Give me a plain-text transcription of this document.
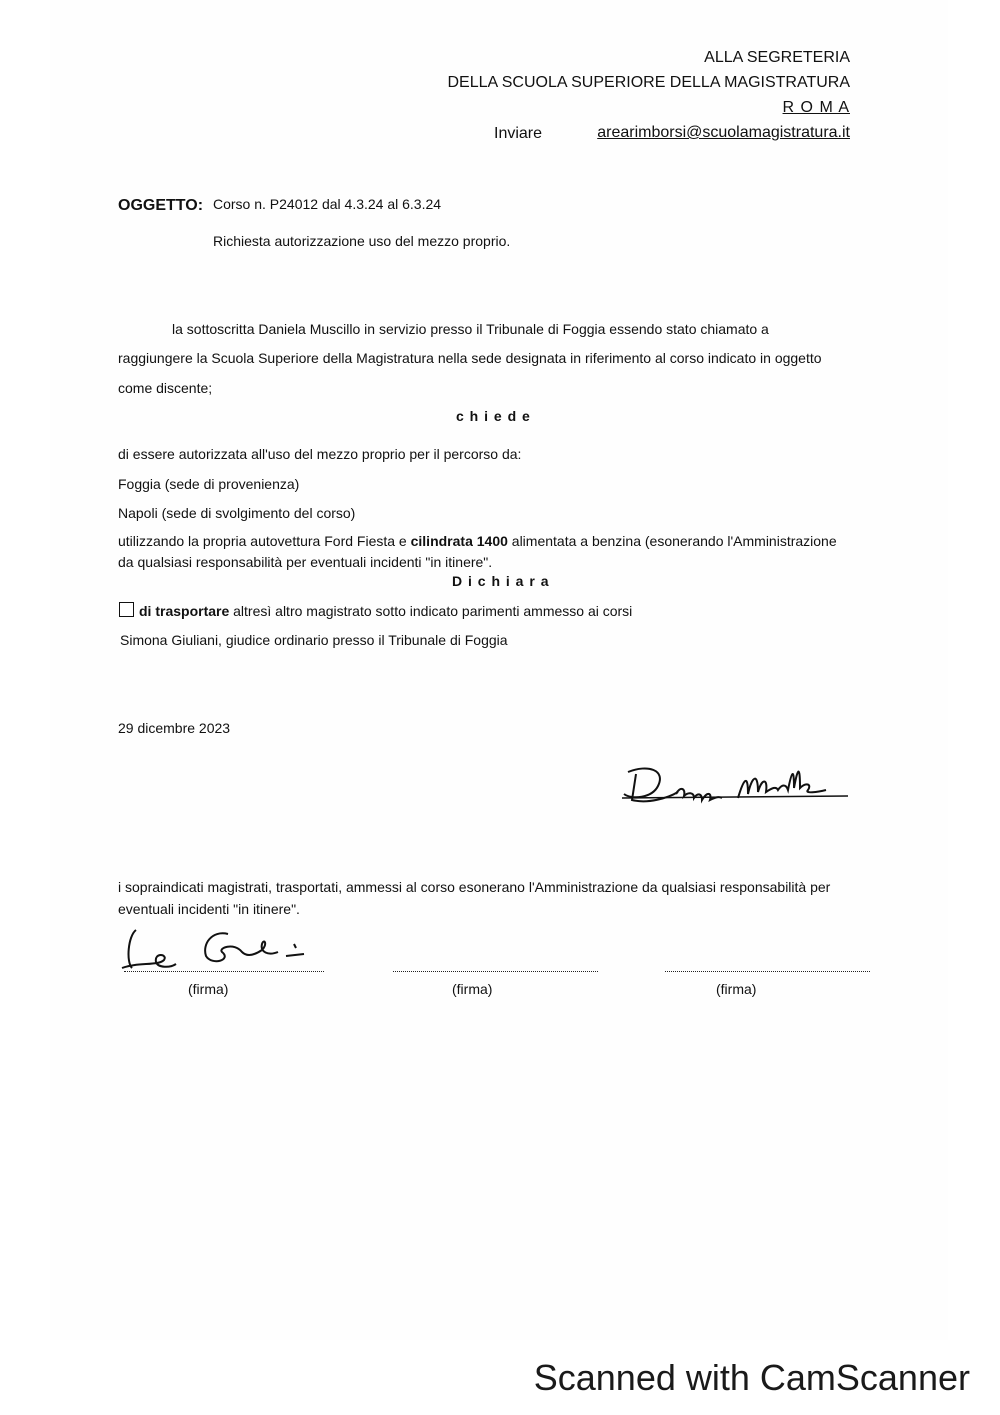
ALLA SEGRETERIA
DELLA SCUOLA SUPERIORE DELLA MAGISTRATURA
R O M A
Inviare	arearimborsi@scuolamagistratura.it
OGGETTO: Corso n. P24012 dal 4.3.24 al 6.3.24
Richiesta autorizzazione uso del mezzo proprio.
la sottoscritta Daniela Muscillo in servizio presso il Tribunale di Foggia essendo stato chiamato a
raggiungere la Scuola Superiore della Magistratura nella sede designata in riferimento al corso indicato in oggetto
come discente;
c h i e d e
di essere autorizzata all'uso del mezzo proprio per il percorso da:
Foggia (sede di provenienza)
Napoli (sede di svolgimento del corso)
utilizzando la propria autovettura Ford Fiesta e cilindrata 1400 alimentata a benzina (esonerando l'Amministrazione
da qualsiasi responsabilità per eventuali incidenti "in itinere".
D i c h i a r a
di trasportare altresì altro magistrato sotto indicato parimenti ammesso ai corsi
Simona Giuliani, giudice ordinario presso il Tribunale di Foggia
29 dicembre 2023
i sopraindicati magistrati, trasportati, ammessi al corso esonerano l'Amministrazione da qualsiasi responsabilità per
eventuali incidenti "in itinere".
(firma)	(firma)	(firma)
Scanned with CamScanner
